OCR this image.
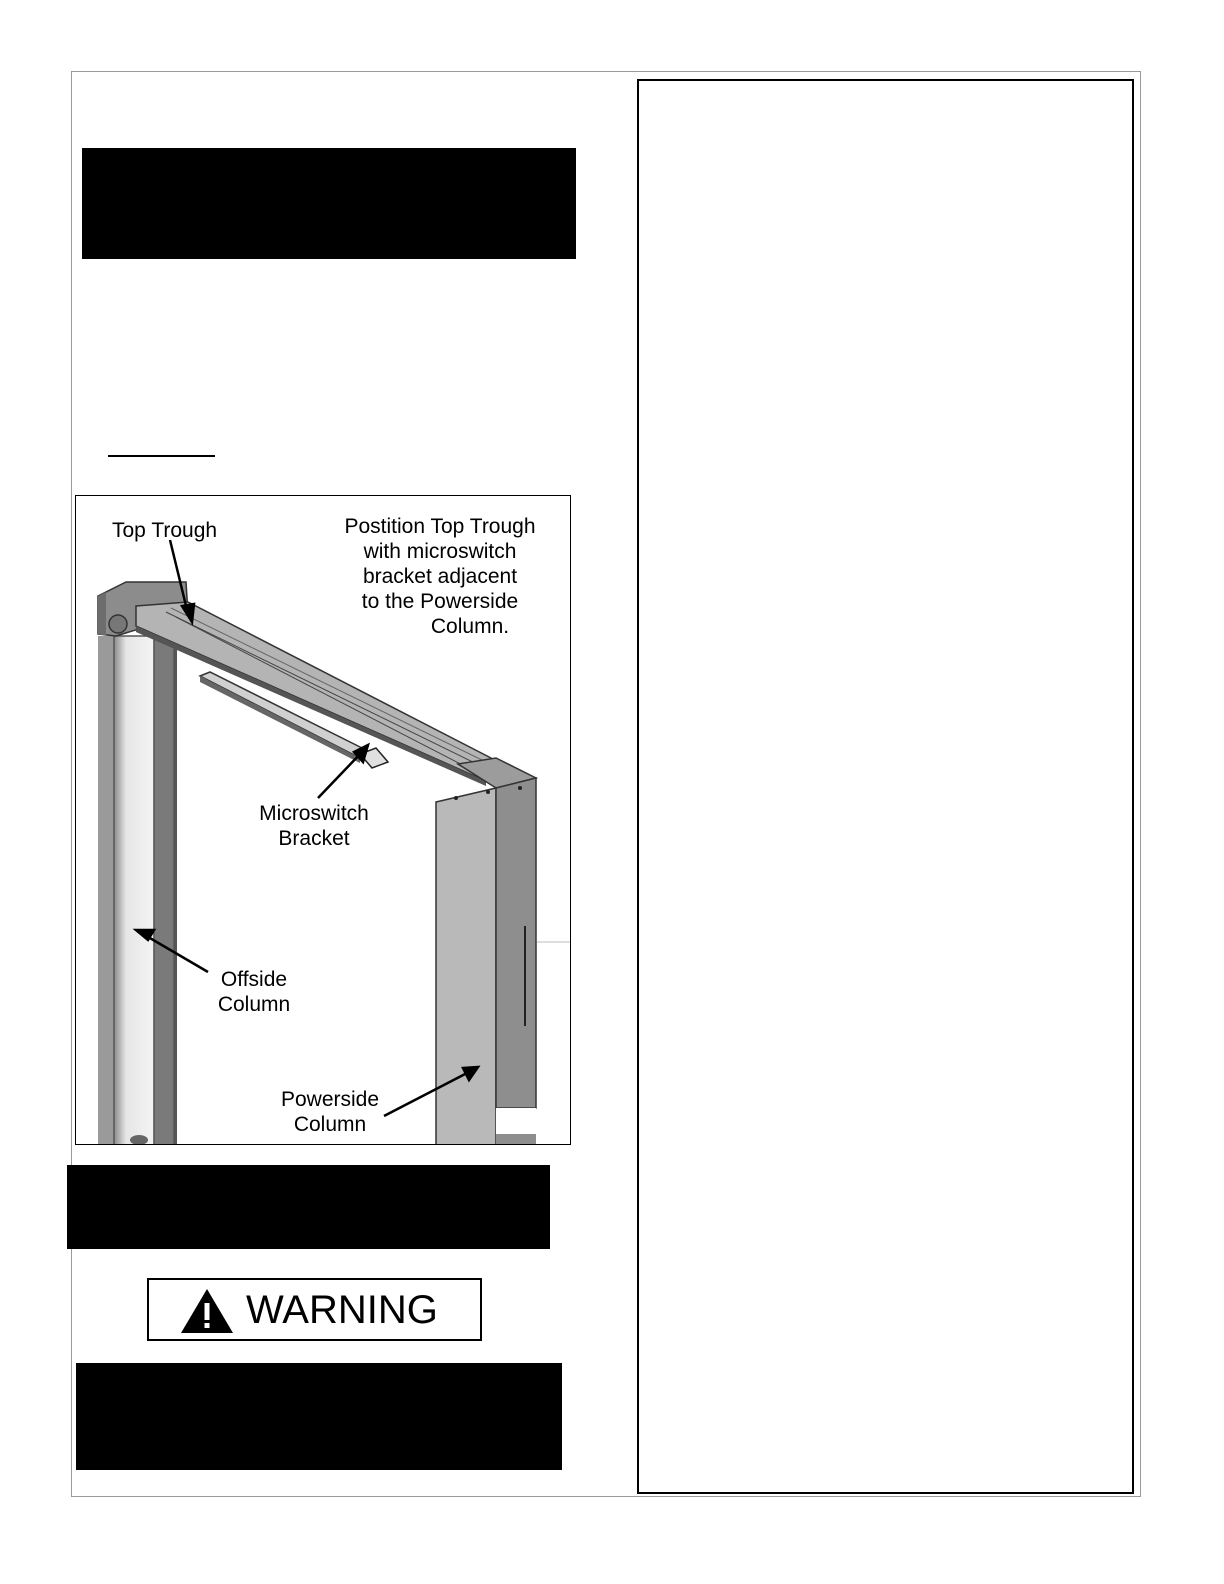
Top Trough	Postition Top Trough
with microswitch
bracket adjacent
to the Powerside
Column.
Microswitch
Bracket
Offside
Column
Powerside
Column
WARNING
